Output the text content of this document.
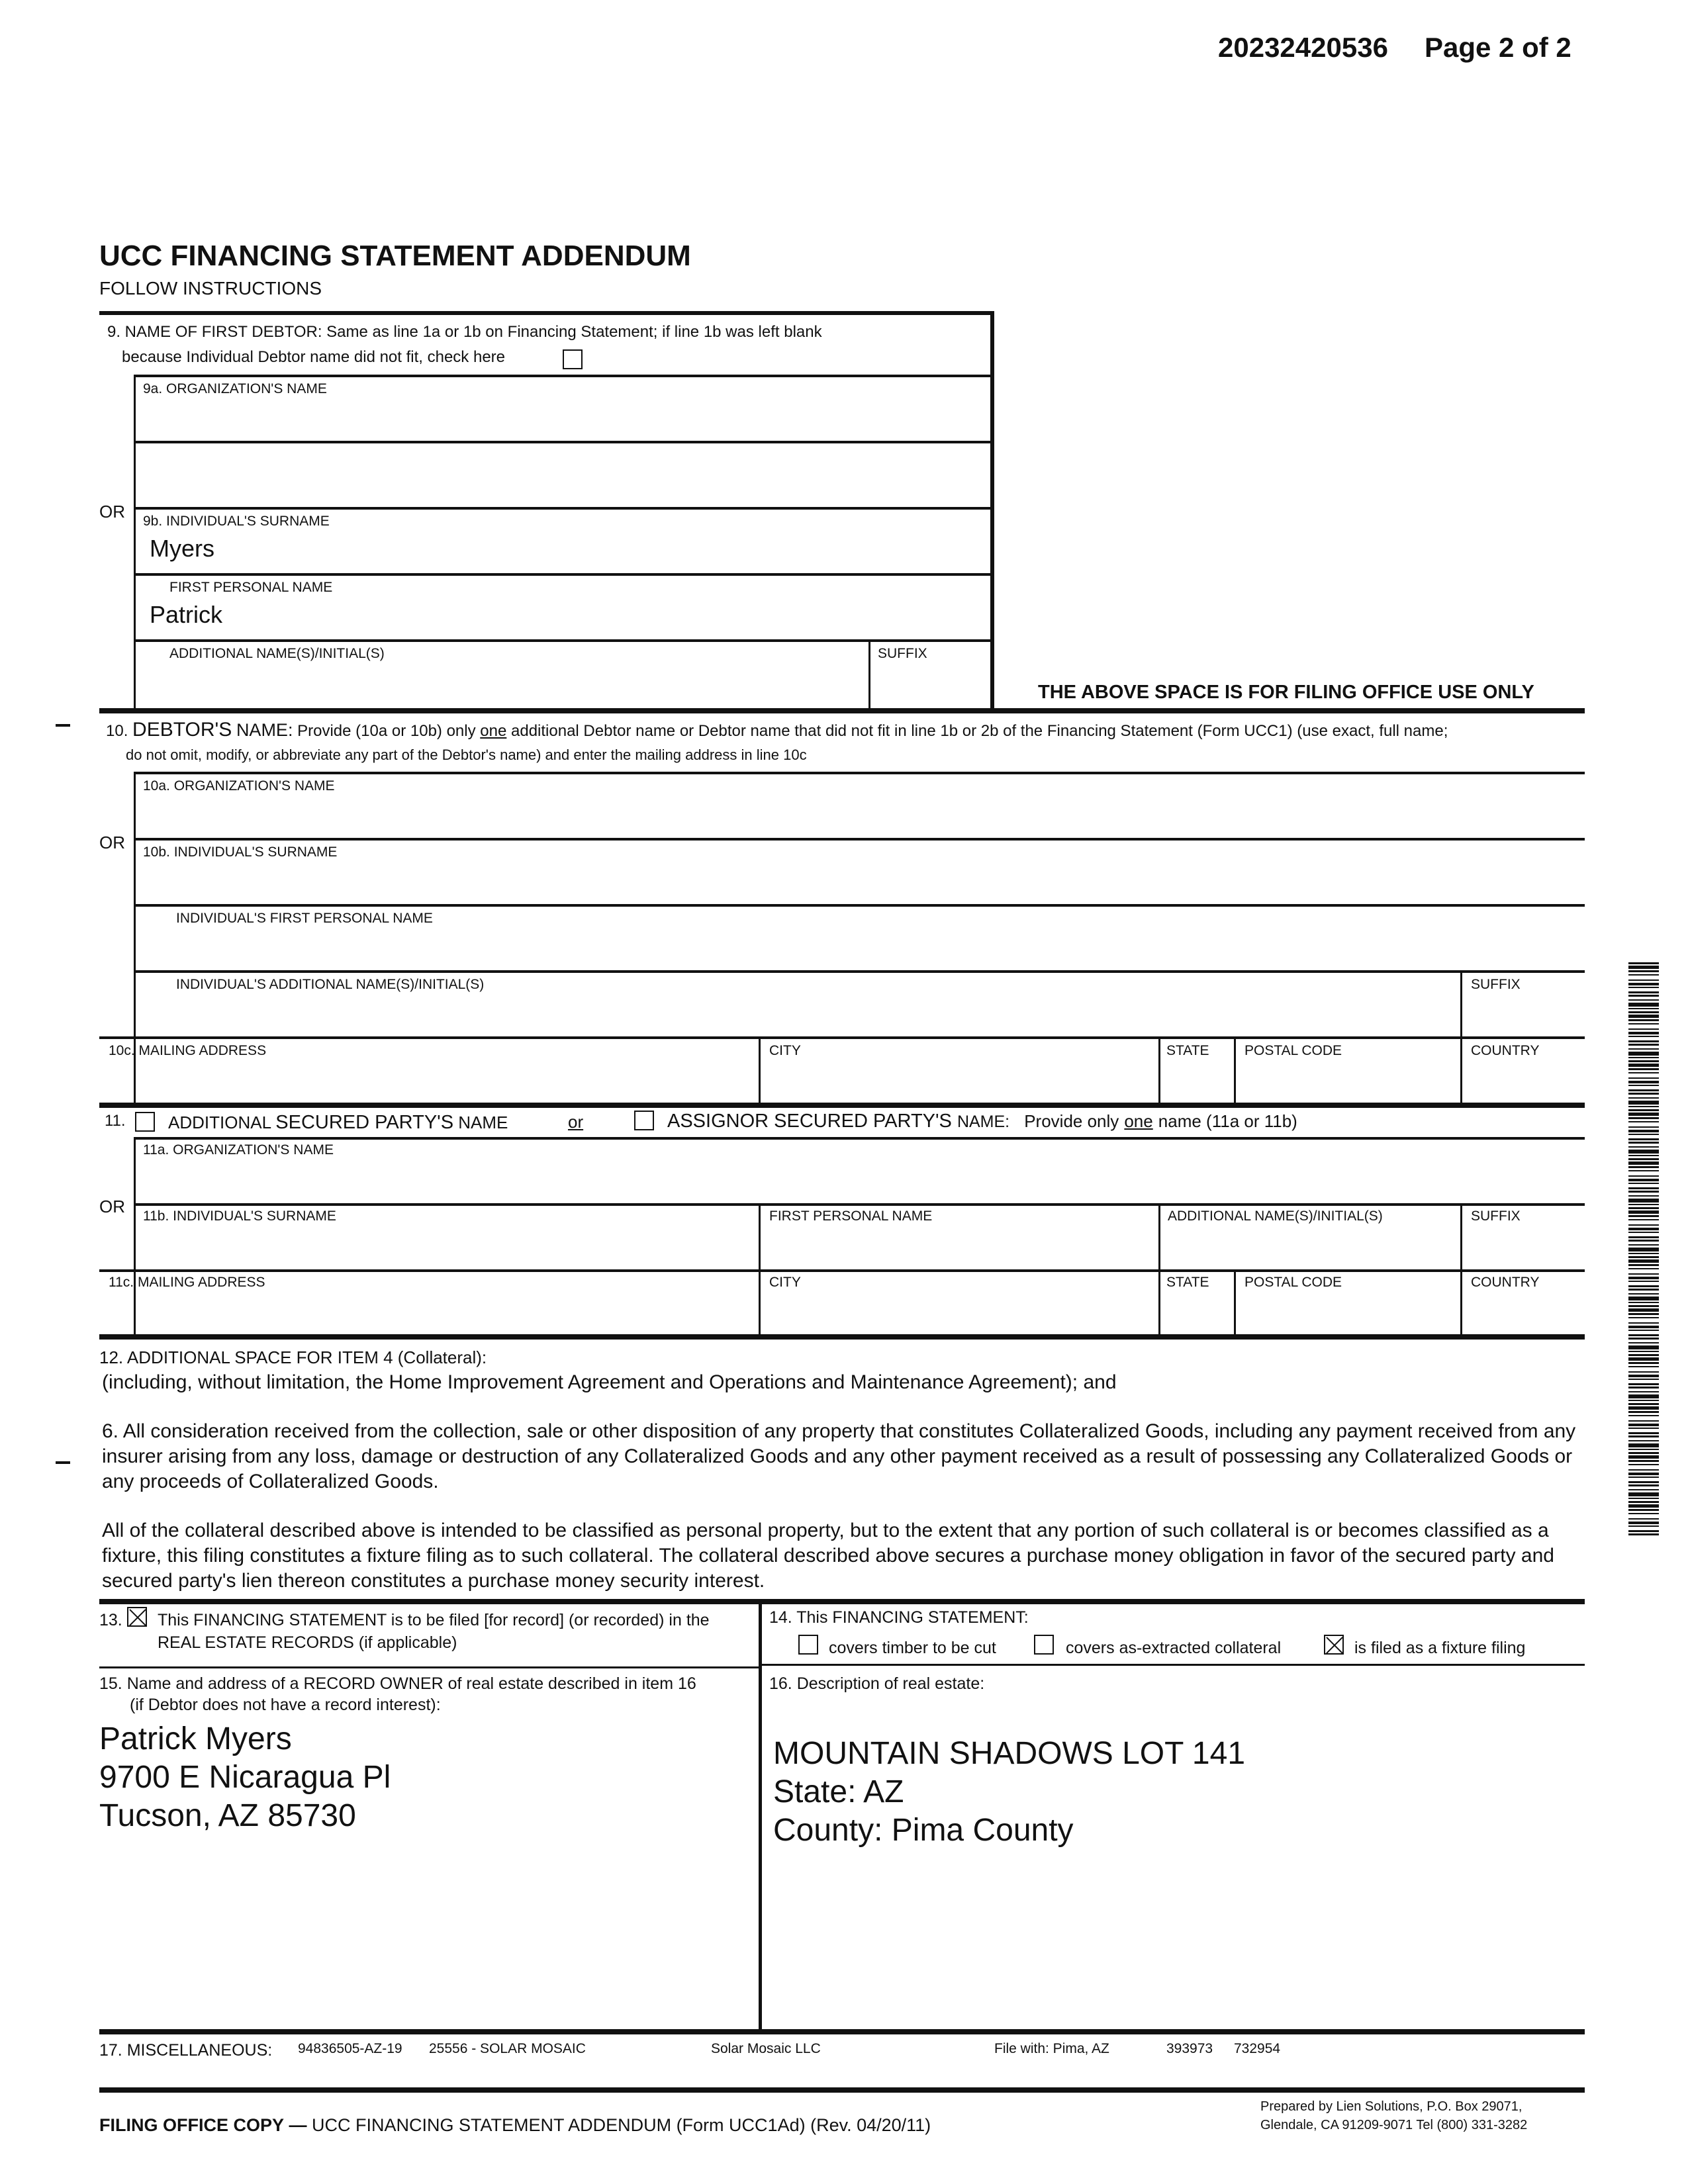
20232420536 Page 2 of 2
UCC FINANCING STATEMENT ADDENDUM
FOLLOW INSTRUCTIONS
9. NAME OF FIRST DEBTOR: Same as line 1a or 1b on Financing Statement; if line 1b was left blank
because Individual Debtor name did not fit, check here
9a. ORGANIZATION'S NAME
OR 9b. INDIVIDUAL'S SURNAME
Myers
FIRST PERSONAL NAME
Patrick
ADDITIONAL NAME(S)/INITIAL(S)	SUFFIX
THE ABOVE SPACE IS FOR FILING OFFICE USE ONLY
10. DEBTOR'S NAME: Provide (10a or 10b) only one additional Debtor name or Debtor name that did not fit in line 1b or 2b of the Financing Statement (Form UCC1) (use exact, full name;
do not omit, modify, or abbreviate any part of the Debtor's name) and enter the mailing address in line 10c
10a. ORGANIZATION'S NAME
OR 10b. INDIVIDUAL'S SURNAME
INDIVIDUAL'S FIRST PERSONAL NAME
INDIVIDUAL'S ADDITIONAL NAME(S)/INITIAL(S)	SUFFIX
10c. MAILING ADDRESS	CITY	STATE	POSTAL CODE	COUNTRY
11. ADDITIONAL SECURED PARTY'S NAME	or	ASSIGNOR SECURED PARTY'S NAME: Provide only one name (11a or 11b)
11a. ORGANIZATION'S NAME
OR 11b. INDIVIDUAL'S SURNAME	FIRST PERSONAL NAME	ADDITIONAL NAME(S)/INITIAL(S)	SUFFIX
11c. MAILING ADDRESS	CITY	STATE	POSTAL CODE	COUNTRY
12. ADDITIONAL SPACE FOR ITEM 4 (Collateral):
(including, without limitation, the Home Improvement Agreement and Operations and Maintenance Agreement); and
6. All consideration received from the collection, sale or other disposition of any property that constitutes Collateralized Goods, including any payment received from any insurer arising from any loss, damage or destruction of any Collateralized Goods and any other payment received as a result of possessing any Collateralized Goods or any proceeds of Collateralized Goods.
All of the collateral described above is intended to be classified as personal property, but to the extent that any portion of such collateral is or becomes classified as a fixture, this filing constitutes a fixture filing as to such collateral. The collateral described above secures a purchase money obligation in favor of the secured party and secured party's lien thereon constitutes a purchase money security interest.
13. This FINANCING STATEMENT is to be filed [for record] (or recorded) in the
REAL ESTATE RECORDS (if applicable)
14. This FINANCING STATEMENT:
covers timber to be cut	covers as-extracted collateral	is filed as a fixture filing
15. Name and address of a RECORD OWNER of real estate described in item 16
(if Debtor does not have a record interest):
Patrick Myers
9700 E Nicaragua Pl
Tucson, AZ 85730
16. Description of real estate:
MOUNTAIN SHADOWS LOT 141
State: AZ
County: Pima County
17. MISCELLANEOUS: 94836505-AZ-19 25556 - SOLAR MOSAIC	Solar Mosaic LLC	File with: Pima, AZ	393973 732954
FILING OFFICE COPY — UCC FINANCING STATEMENT ADDENDUM (Form UCC1Ad) (Rev. 04/20/11)
Prepared by Lien Solutions, P.O. Box 29071,
Glendale, CA 91209-9071 Tel (800) 331-3282
